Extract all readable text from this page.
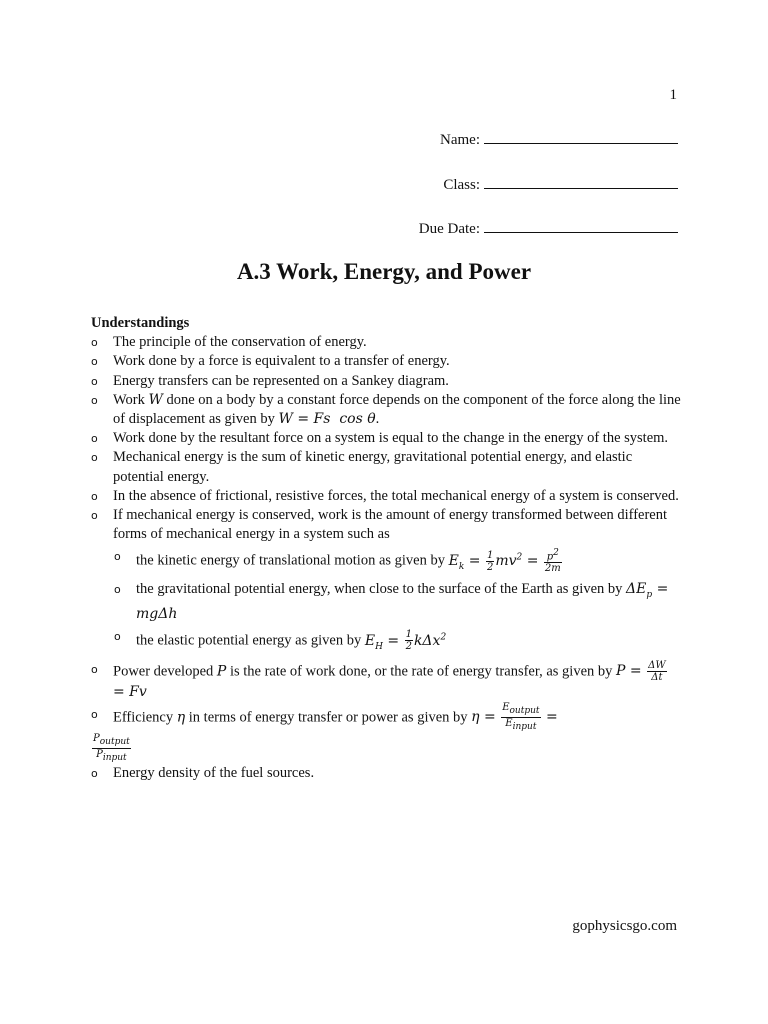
1
Name:
Class:
Due Date:
A.3 Work, Energy, and Power
Understandings
o The principle of the conservation of energy.
o Work done by a force is equivalent to a transfer of energy.
o Energy transfers can be represented on a Sankey diagram.
o Work W done on a body by a constant force depends on the component of the force along the line of displacement as given by W = Fs  cos θ.
o Work done by the resultant force on a system is equal to the change in the energy of the system.
o Mechanical energy is the sum of kinetic energy, gravitational potential energy, and elastic potential energy.
o In the absence of frictional, resistive forces, the total mechanical energy of a system is conserved.
o If mechanical energy is conserved, work is the amount of energy transformed between different forms of mechanical energy in a system such as
o the kinetic energy of translational motion as given by $E_k = \frac{1}{2} mv^2 = \frac{p^2}{2m}$
o the gravitational potential energy, when close to the surface of the Earth as given by $\Delta E_p = mg\Delta h$
o the elastic potential energy as given by $E_H = \frac{1}{2} k\Delta x^2$
o Power developed P is the rate of work done, or the rate of energy transfer, as given by $P = \frac{\Delta W}{\Delta t}$
= Fv
o Efficiency η in terms of energy transfer or power as given by $\eta = \frac{E_{output}}{E_{input}}$ =
$\frac{P_{output}}{P_{input}}$
o Energy density of the fuel sources.
gophysicsgo.com
